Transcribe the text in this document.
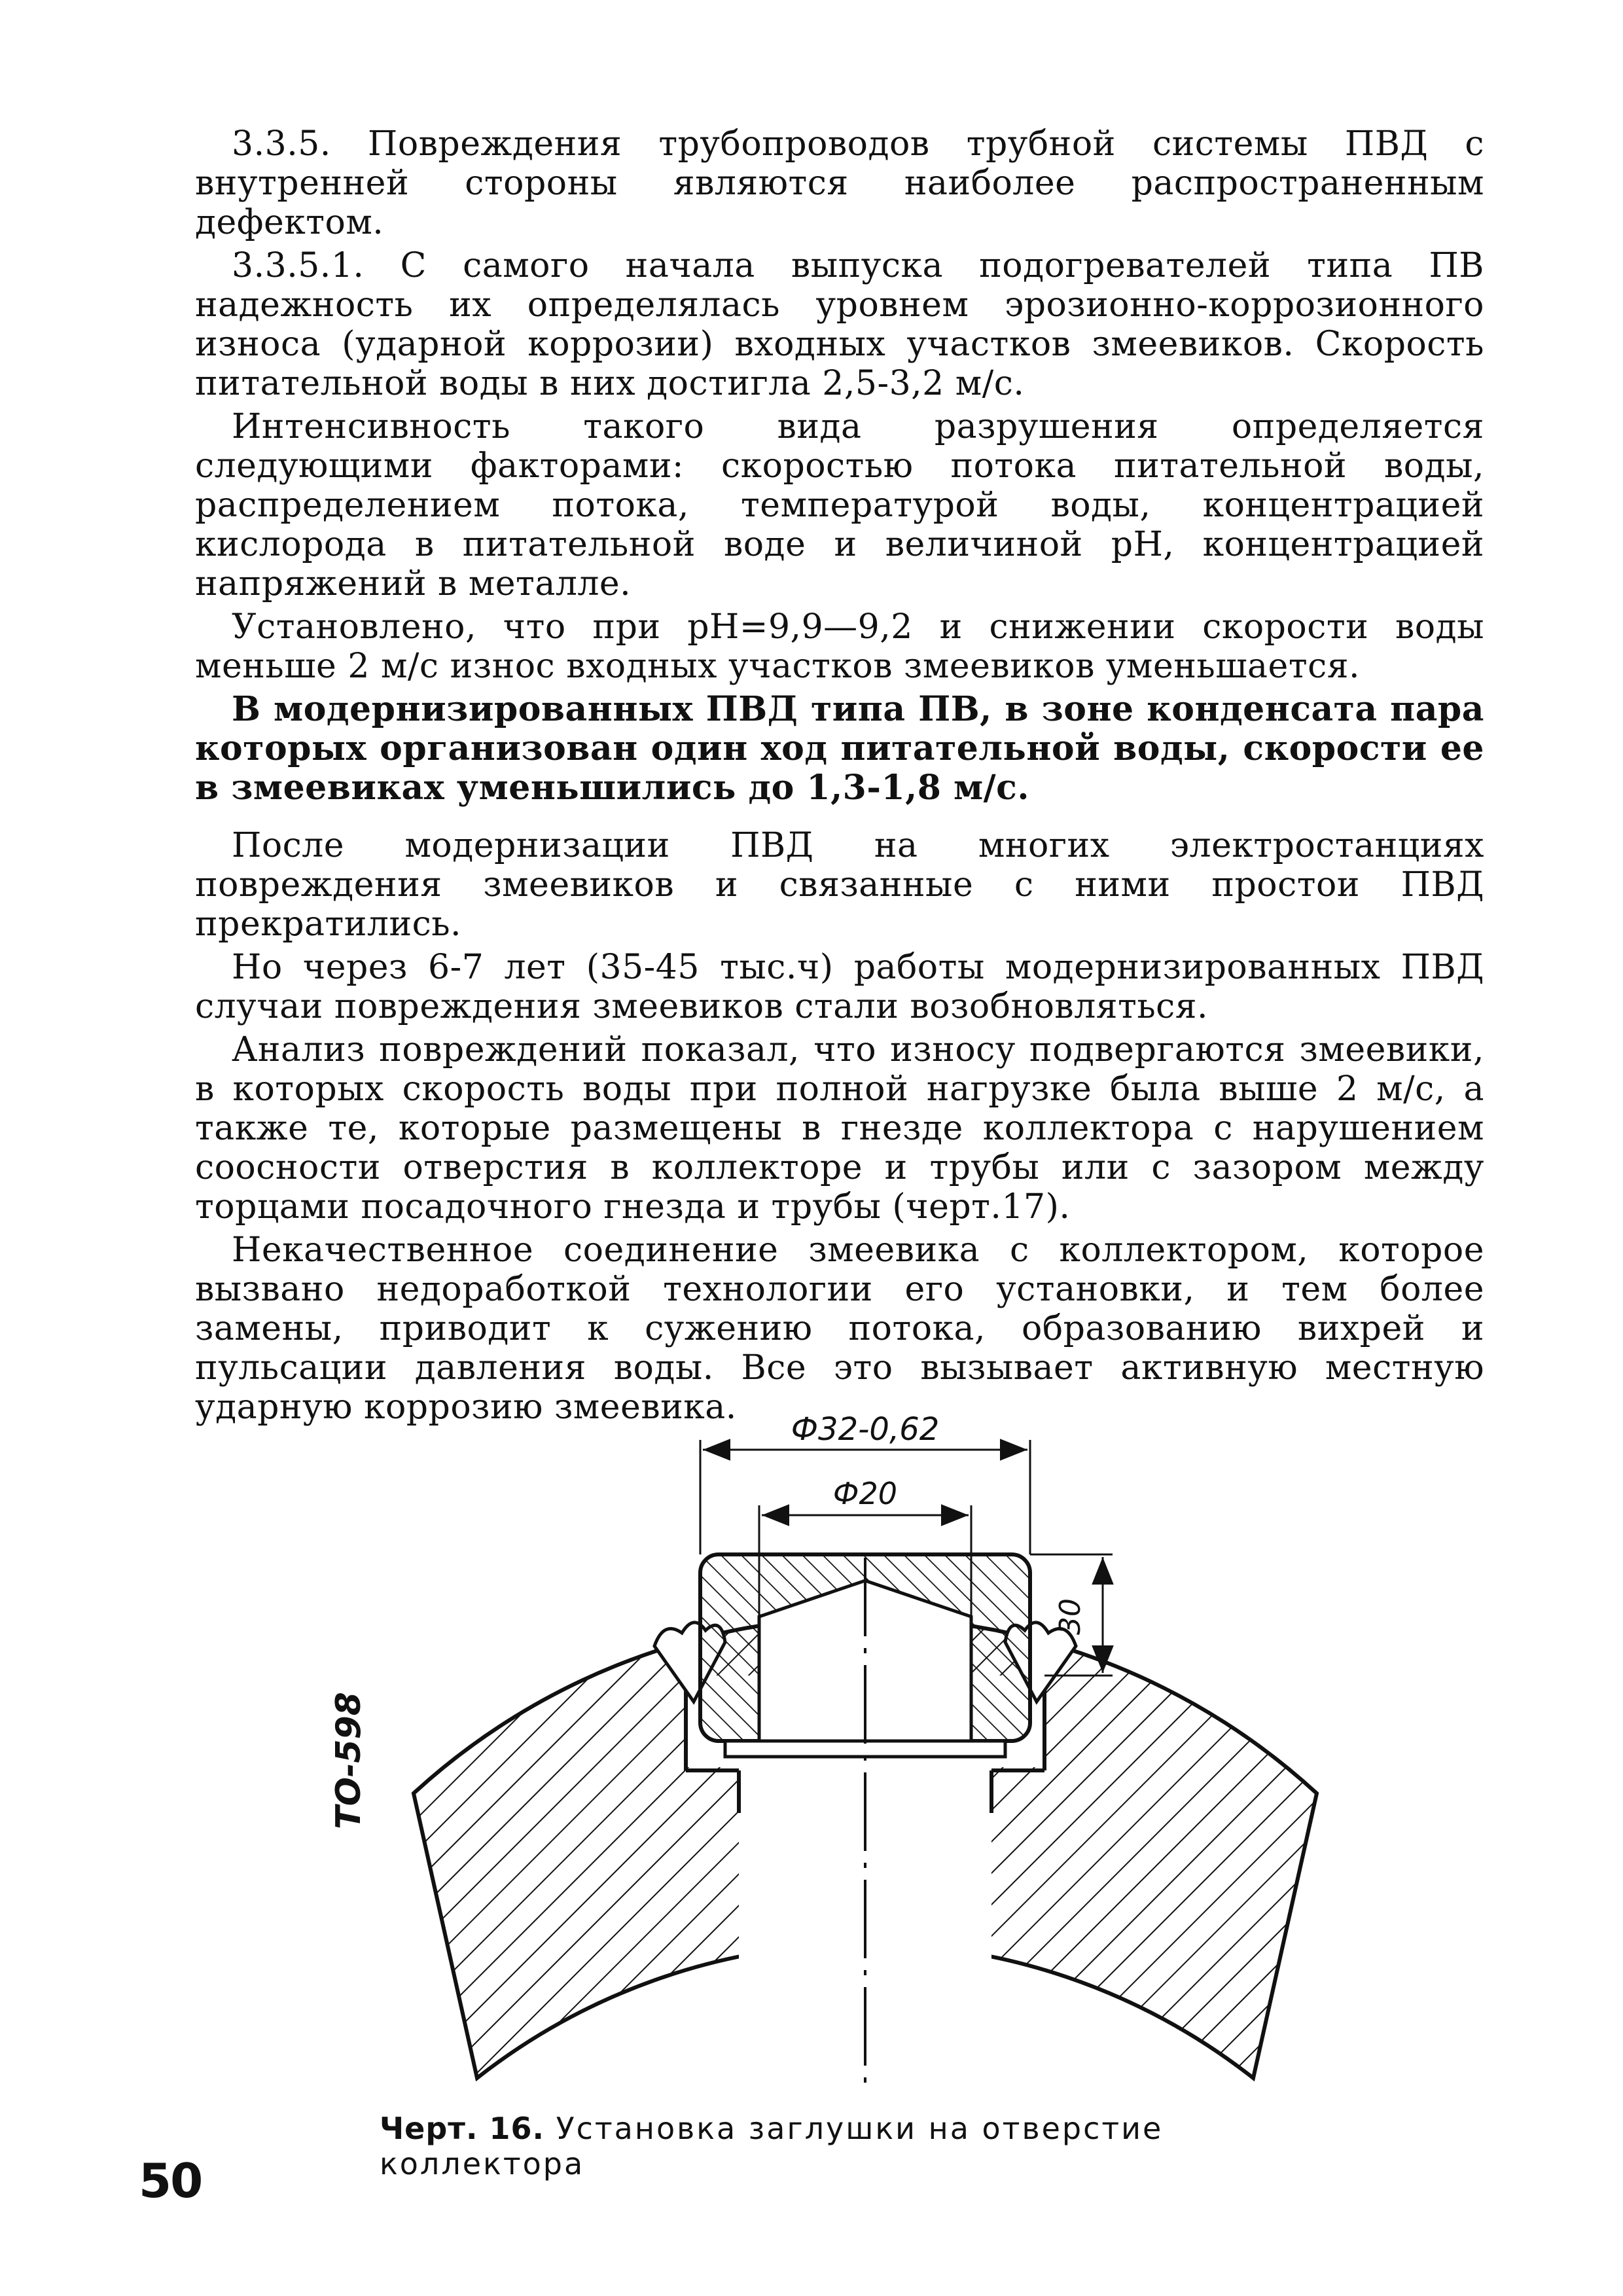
3.3.5. Повреждения трубопроводов трубной системы ПВД с внутренней стороны являются наиболее распространенным дефектом.

3.3.5.1. С самого начала выпуска подогревателей типа ПВ надежность их определялась уровнем эрозионно-коррозионного износа (ударной коррозии) входных участков змеевиков. Скорость питательной воды в них достигла 2,5-3,2 м/с.

Интенсивность такого вида разрушения определяется следующими факторами: скоростью потока питательной воды, распределением потока, температурой воды, концентрацией кислорода в питательной воде и величиной pH, концентрацией напряжений в металле.

Установлено, что при pH=9,9—9,2 и снижении скорости воды меньше 2 м/с износ входных участков змеевиков уменьшается.

В модернизированных ПВД типа ПВ, в зоне конденсата пара которых организован один ход питательной воды, скорости ее в змеевиках уменьшились до 1,3-1,8 м/с.

После модернизации ПВД на многих электростанциях повреждения змеевиков и связанные с ними простои ПВД прекратились.

Но через 6-7 лет (35-45 тыс.ч) работы модернизированных ПВД случаи повреждения змеевиков стали возобновляться.

Анализ повреждений показал, что износу подвергаются змеевики, в которых скорость воды при полной нагрузке была выше 2 м/с, а также те, которые размещены в гнезде коллектора с нарушением соосности отверстия в коллекторе и трубы или с зазором между торцами посадочного гнезда и трубы (черт.17).

Некачественное соединение змеевика с коллектором, которое вызвано недоработкой технологии его установки, и тем более замены, приводит к сужению потока, образованию вихрей и пульсации давления воды. Все это вызывает активную местную ударную коррозию змеевика.

Ф32-0,62
Ф20
30
ТО-598
Черт. 16. Установка заглушки на отверстие коллектора
50
